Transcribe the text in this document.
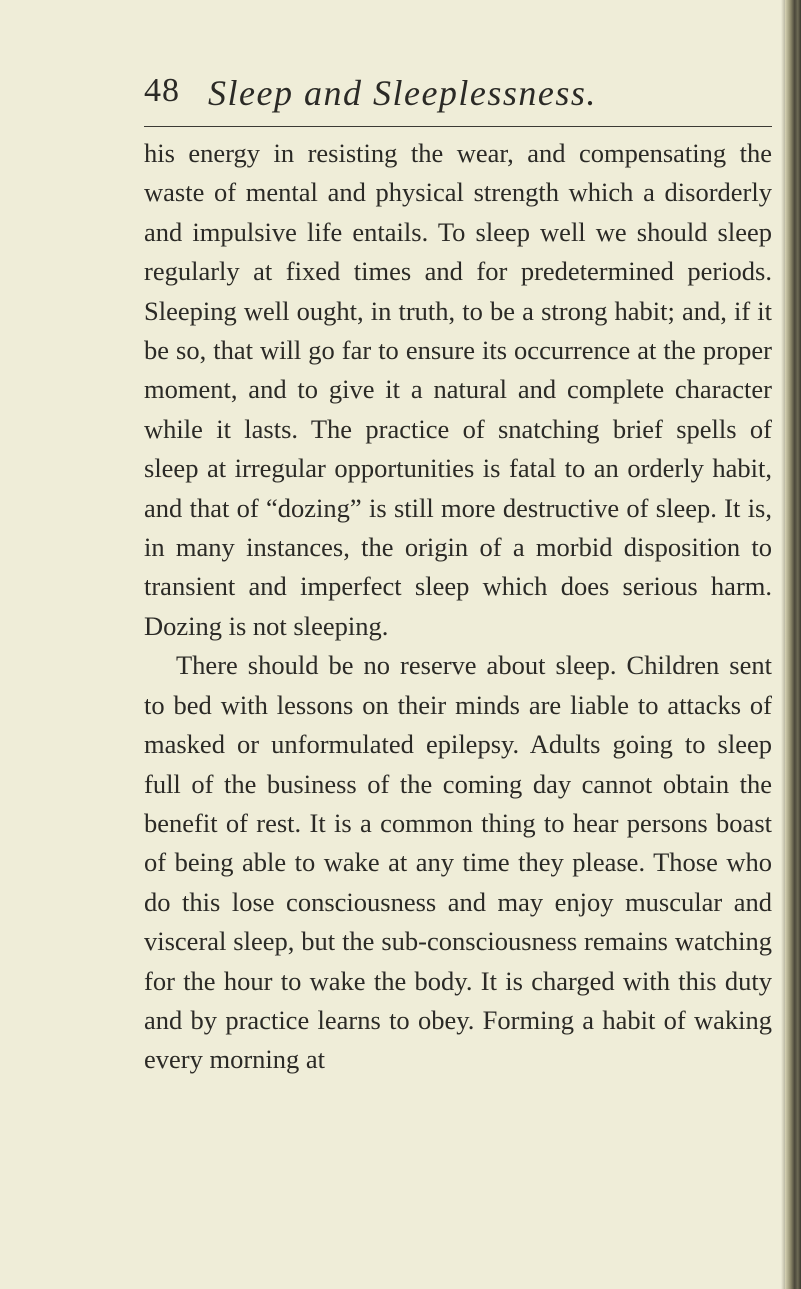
48 Sleep and Sleeplessness.

his energy in resisting the wear, and compensating the waste of mental and physical strength which a disorderly and impulsive life entails. To sleep well we should sleep regularly at fixed times and for predetermined periods. Sleeping well ought, in truth, to be a strong habit; and, if it be so, that will go far to ensure its occurrence at the proper moment, and to give it a natural and complete character while it lasts. The practice of snatching brief spells of sleep at irregular opportunities is fatal to an orderly habit, and that of “dozing” is still more destructive of sleep. It is, in many instances, the origin of a morbid disposition to transient and imperfect sleep which does serious harm. Dozing is not sleeping.

There should be no reserve about sleep. Children sent to bed with lessons on their minds are liable to attacks of masked or unformulated epilepsy. Adults going to sleep full of the business of the coming day cannot obtain the benefit of rest. It is a common thing to hear persons boast of being able to wake at any time they please. Those who do this lose consciousness and may enjoy muscular and visceral sleep, but the sub-consciousness remains watching for the hour to wake the body. It is charged with this duty and by practice learns to obey. Forming a habit of waking every morning at
